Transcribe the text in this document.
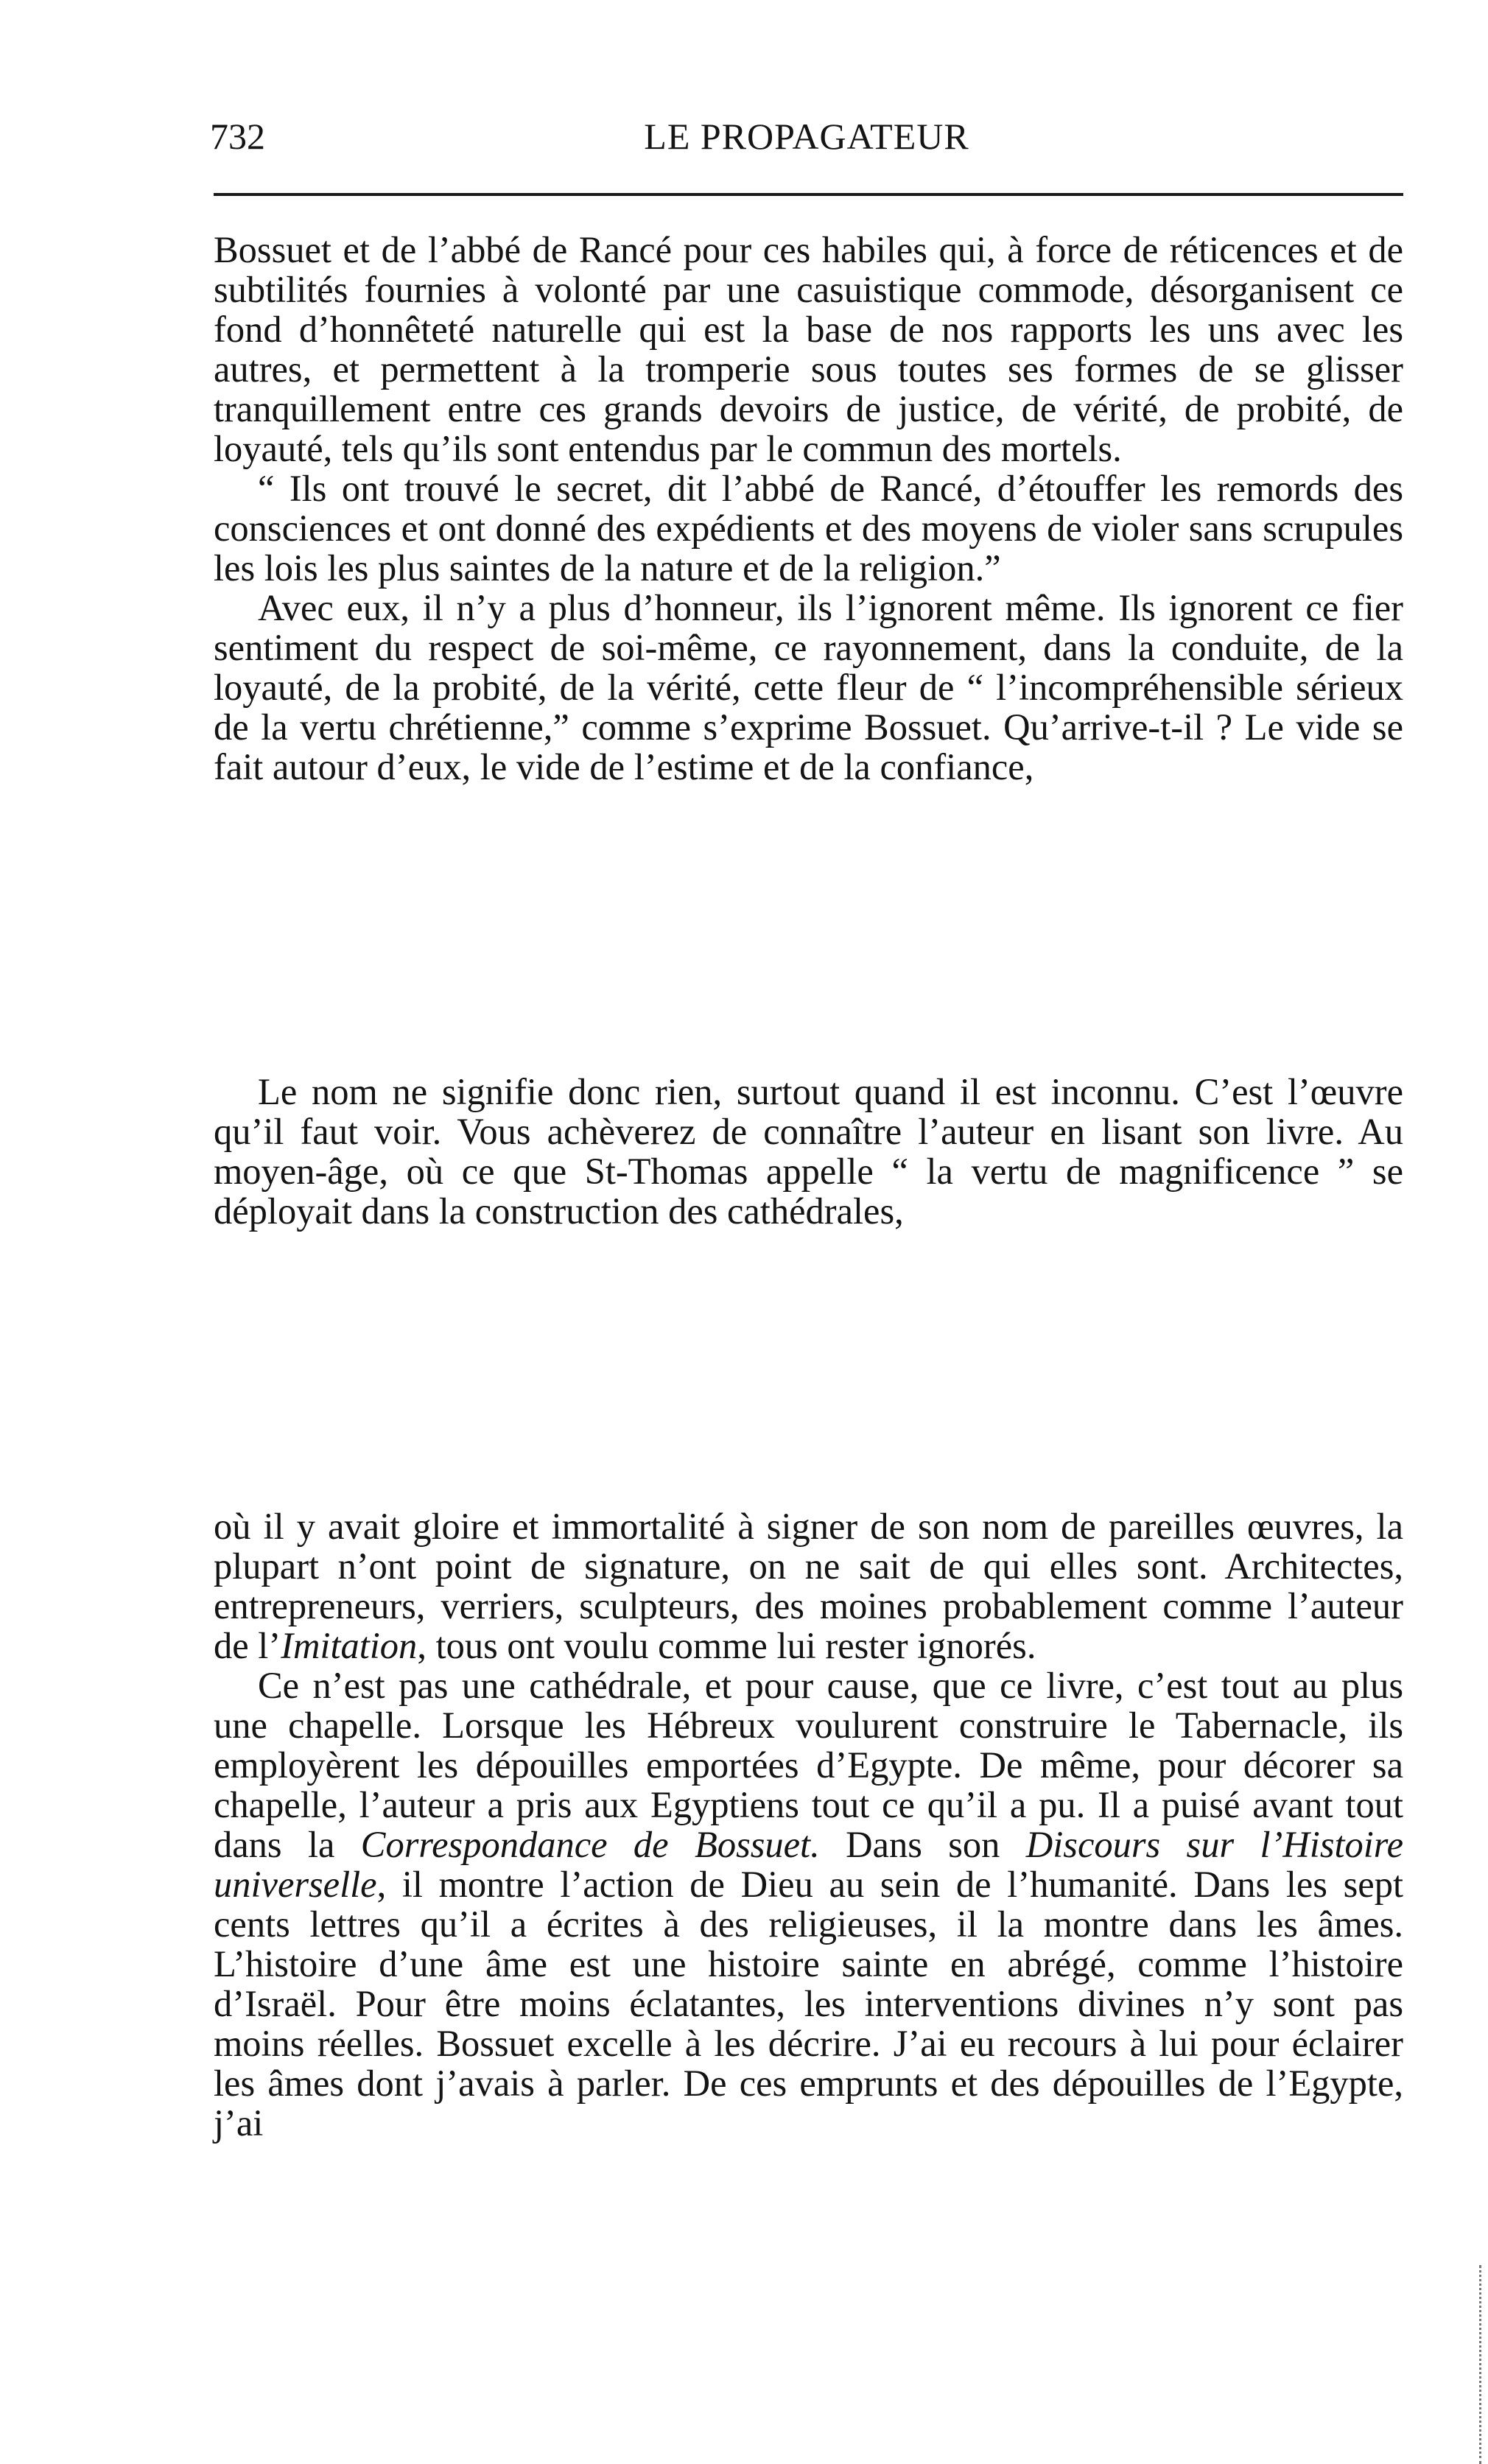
732	LE PROPAGATEUR

Bossuet et de l’abbé de Rancé pour ces habiles qui, à force de réticences et de subtilités fournies à volonté par une casuistique commode, désorganisent ce fond d’honnêteté naturelle qui est la base de nos rapports les uns avec les autres, et permettent à la tromperie sous toutes ses formes de se glisser tranquillement entre ces grands devoirs de justice, de vérité, de probité, de loyauté, tels qu’ils sont entendus par le commun des mortels.

“ Ils ont trouvé le secret, dit l’abbé de Rancé, d’étouffer les remords des consciences et ont donné des expédients et des moyens de violer sans scrupules les lois les plus saintes de la nature et de la religion.”

Avec eux, il n’y a plus d’honneur, ils l’ignorent même. Ils ignorent ce fier sentiment du respect de soi-même, ce rayonnement, dans la conduite, de la loyauté, de la probité, de la vérité, cette fleur de “ l’incompréhensible sérieux de la vertu chrétienne,” comme s’exprime Bossuet. Qu’arrive-t-il ? Le vide se fait autour d’eux, le vide de l’estime et de la confiance,

Le nom ne signifie donc rien, surtout quand il est inconnu. C’est l’œuvre qu’il faut voir. Vous achèverez de connaître l’auteur en lisant son livre. Au moyen-âge, où ce que St-Thomas appelle “ la vertu de magnificence ” se déployait dans la construction des cathédrales,

où il y avait gloire et immortalité à signer de son nom de pareilles œuvres, la plupart n’ont point de signature, on ne sait de qui elles sont. Architectes, entrepreneurs, verriers, sculpteurs, des moines probablement comme l’auteur de l’Imitation, tous ont voulu comme lui rester ignorés.

Ce n’est pas une cathédrale, et pour cause, que ce livre, c’est tout au plus une chapelle. Lorsque les Hébreux voulurent construire le Tabernacle, ils employèrent les dépouilles emportées d’Egypte. De même, pour décorer sa chapelle, l’auteur a pris aux Egyptiens tout ce qu’il a pu. Il a puisé avant tout dans la Correspondance de Bossuet. Dans son Discours sur l’Histoire universelle, il montre l’action de Dieu au sein de l’humanité. Dans les sept cents lettres qu’il a écrites à des religieuses, il la montre dans les âmes. L’histoire d’une âme est une histoire sainte en abrégé, comme l’histoire d’Israël. Pour être moins éclatantes, les interventions divines n’y sont pas moins réelles. Bossuet excelle à les décrire. J’ai eu recours à lui pour éclairer les âmes dont j’avais à parler. De ces emprunts et des dépouilles de l’Egypte, j’ai
